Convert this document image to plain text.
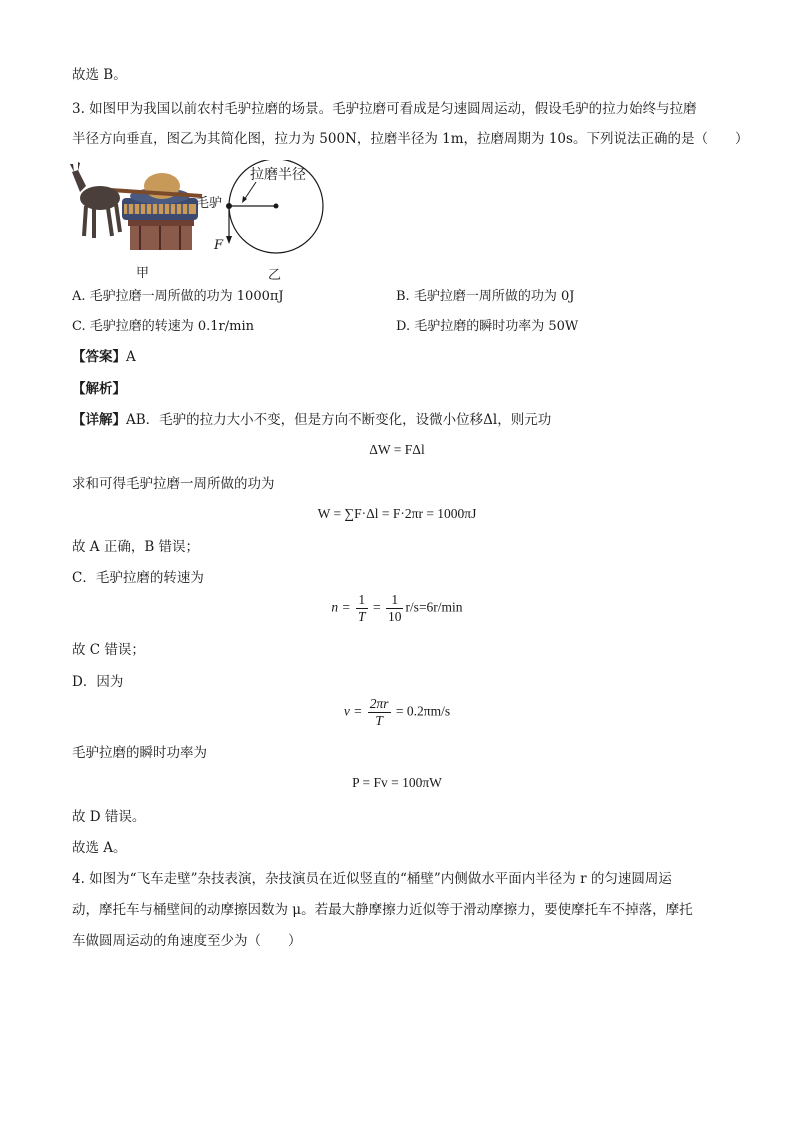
故选 B。
3. 如图甲为我国以前农村毛驴拉磨的场景。毛驴拉磨可看成是匀速圆周运动，假设毛驴的拉力始终与拉磨
半径方向垂直，图乙为其简化图，拉力为 500N，拉磨半径为 1m，拉磨周期为 10s。下列说法正确的是（　　）
毛驴
拉磨半径
F
甲	乙
A. 毛驴拉磨一周所做的功为 1000πJ	B. 毛驴拉磨一周所做的功为 0J
C. 毛驴拉磨的转速为 0.1r/min	D. 毛驴拉磨的瞬时功率为 50W
【答案】A
【解析】
【详解】AB．毛驴的拉力大小不变，但是方向不断变化，设微小位移Δl，则元功
ΔW = FΔl
求和可得毛驴拉磨一周所做的功为
W = ∑F·Δl = F·2πr = 1000πJ
故 A 正确，B 错误；
C．毛驴拉磨的转速为
$n = \frac{1}{T} = \frac{1}{10} r/s=6r/\min$
故 C 错误；
D．因为
$v = \frac{2\pi r}{T} = 0.2\pi m/s$
毛驴拉磨的瞬时功率为
P = Fv = 100πW
故 D 错误。
故选 A。
4. 如图为“飞车走壁”杂技表演，杂技演员在近似竖直的“桶壁”内侧做水平面内半径为 r 的匀速圆周运
动，摩托车与桶壁间的动摩擦因数为 μ。若最大静摩擦力近似等于滑动摩擦力，要使摩托车不掉落，摩托
车做圆周运动的角速度至少为（　　）
